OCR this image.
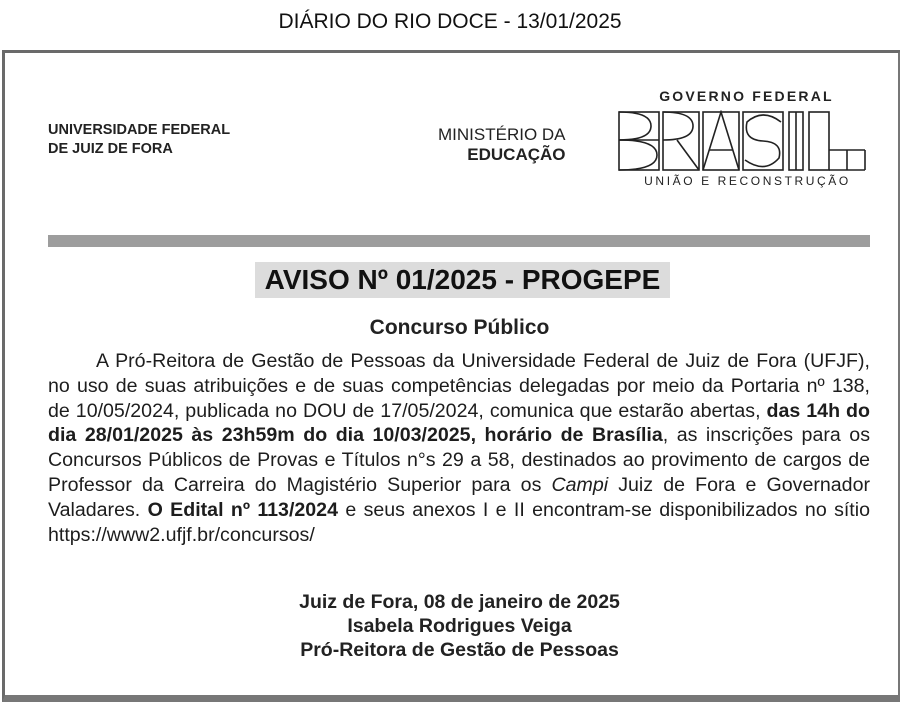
DIÁRIO DO RIO DOCE - 13/01/2025
UNIVERSIDADE FEDERAL
DE JUIZ DE FORA
MINISTÉRIO DA
EDUCAÇÃO
GOVERNO FEDERAL
UNIÃO E RECONSTRUÇÃO
AVISO Nº 01/2025 - PROGEPE
Concurso Público
A Pró-Reitora de Gestão de Pessoas da Universidade Federal de Juiz de Fora (UFJF), no uso de suas atribuições e de suas competências delegadas por meio da Portaria nº 138, de 10/05/2024, publicada no DOU de 17/05/2024, comunica que estarão abertas, das 14h do dia 28/01/2025 às 23h59m do dia 10/03/2025, horário de Brasília, as inscrições para os Concursos Públicos de Provas e Títulos n°s 29 a 58, destinados ao provimento de cargos de Professor da Carreira do Magistério Superior para os Campi Juiz de Fora e Governador Valadares. O Edital nº 113/2024 e seus anexos I e II encontram-se disponibilizados no sítio https://www2.ufjf.br/concursos/
Juiz de Fora, 08 de janeiro de 2025
Isabela Rodrigues Veiga
Pró-Reitora de Gestão de Pessoas
